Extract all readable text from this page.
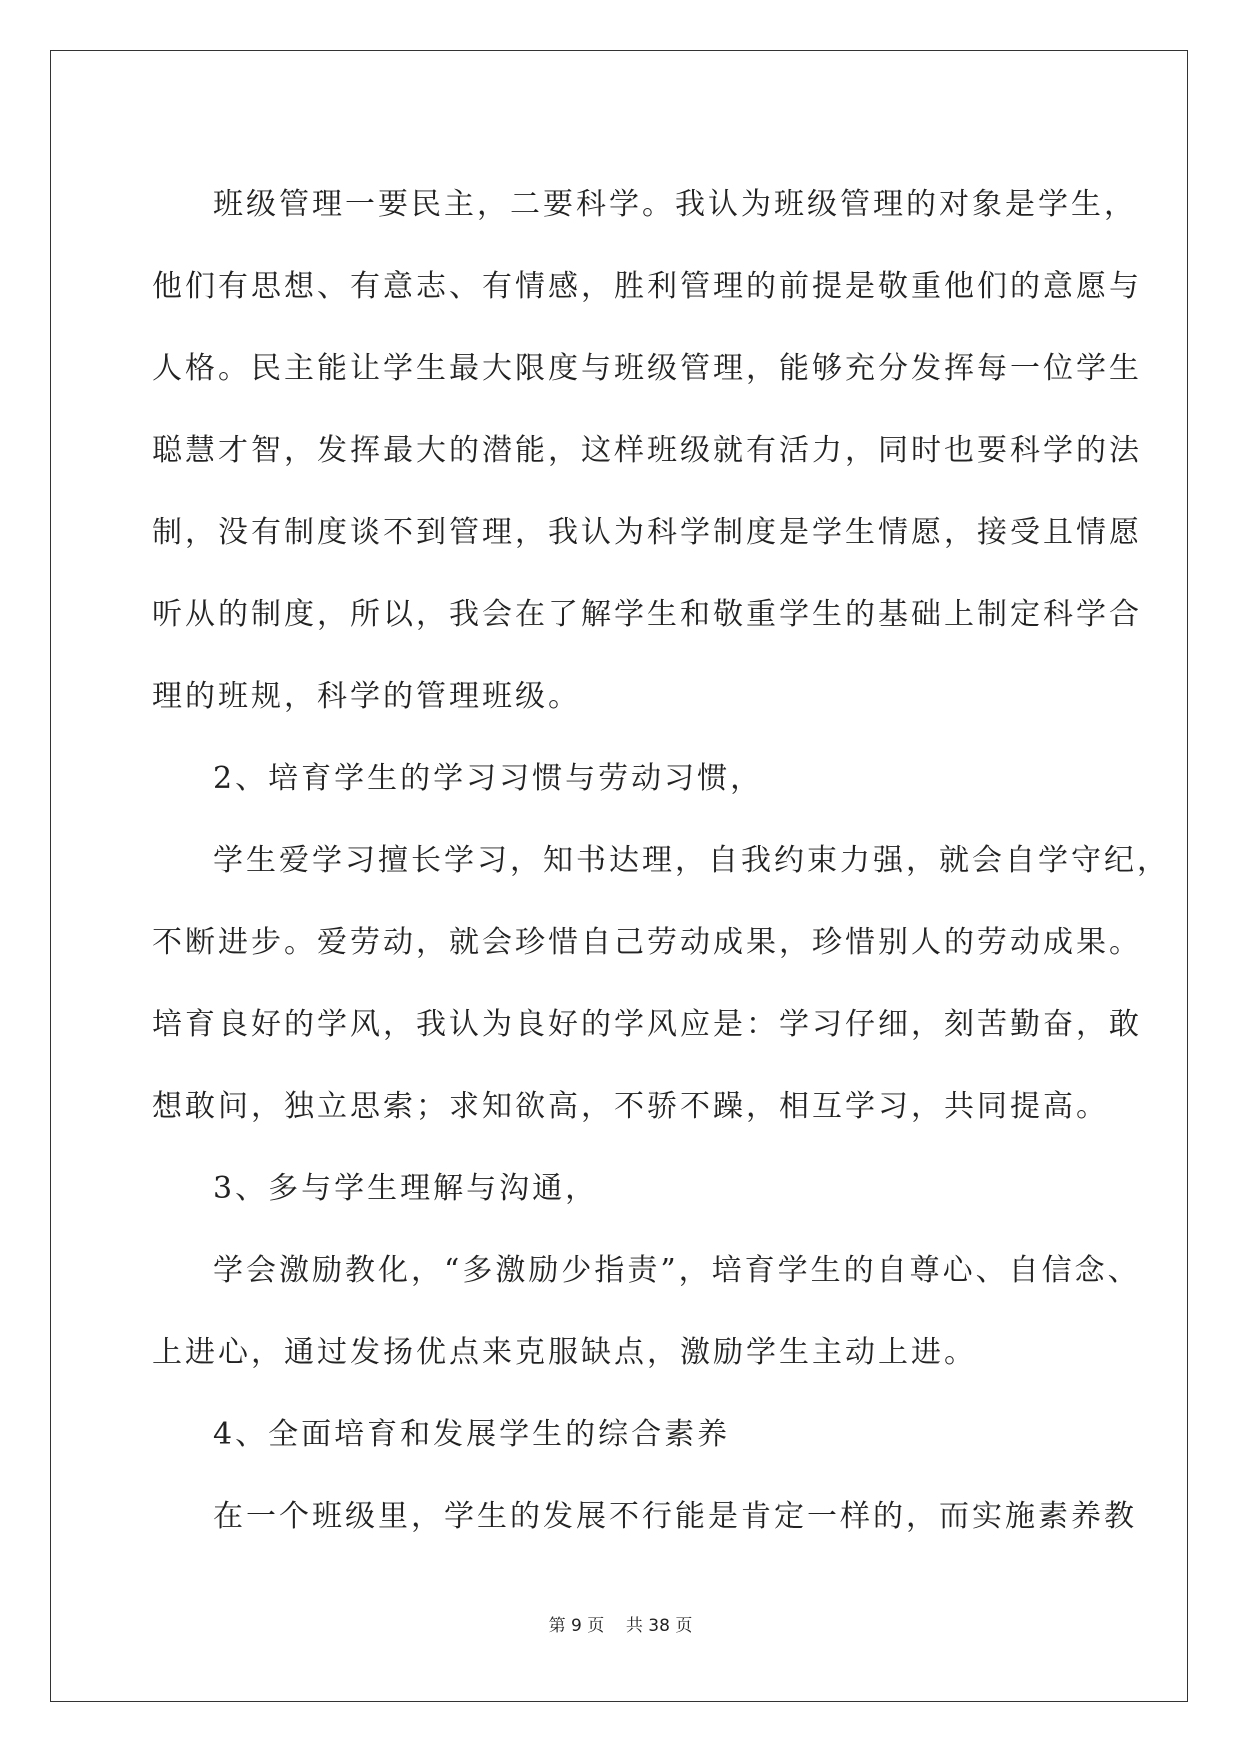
班级管理一要民主，二要科学。我认为班级管理的对象是学生，
他们有思想、有意志、有情感，胜利管理的前提是敬重他们的意愿与
人格。民主能让学生最大限度与班级管理，能够充分发挥每一位学生
聪慧才智，发挥最大的潜能，这样班级就有活力，同时也要科学的法
制，没有制度谈不到管理，我认为科学制度是学生情愿，接受且情愿
听从的制度，所以，我会在了解学生和敬重学生的基础上制定科学合
理的班规，科学的管理班级。
2、培育学生的学习习惯与劳动习惯，
学生爱学习擅长学习，知书达理，自我约束力强，就会自学守纪，
不断进步。爱劳动，就会珍惜自己劳动成果，珍惜别人的劳动成果。
培育良好的学风，我认为良好的学风应是：学习仔细，刻苦勤奋，敢
想敢问，独立思索；求知欲高，不骄不躁，相互学习，共同提高。
3、多与学生理解与沟通，
学会激励教化，“多激励少指责”，培育学生的自尊心、自信念、
上进心，通过发扬优点来克服缺点，激励学生主动上进。
4、全面培育和发展学生的综合素养
在一个班级里，学生的发展不行能是肯定一样的，而实施素养教
第 9 页    共 38 页
